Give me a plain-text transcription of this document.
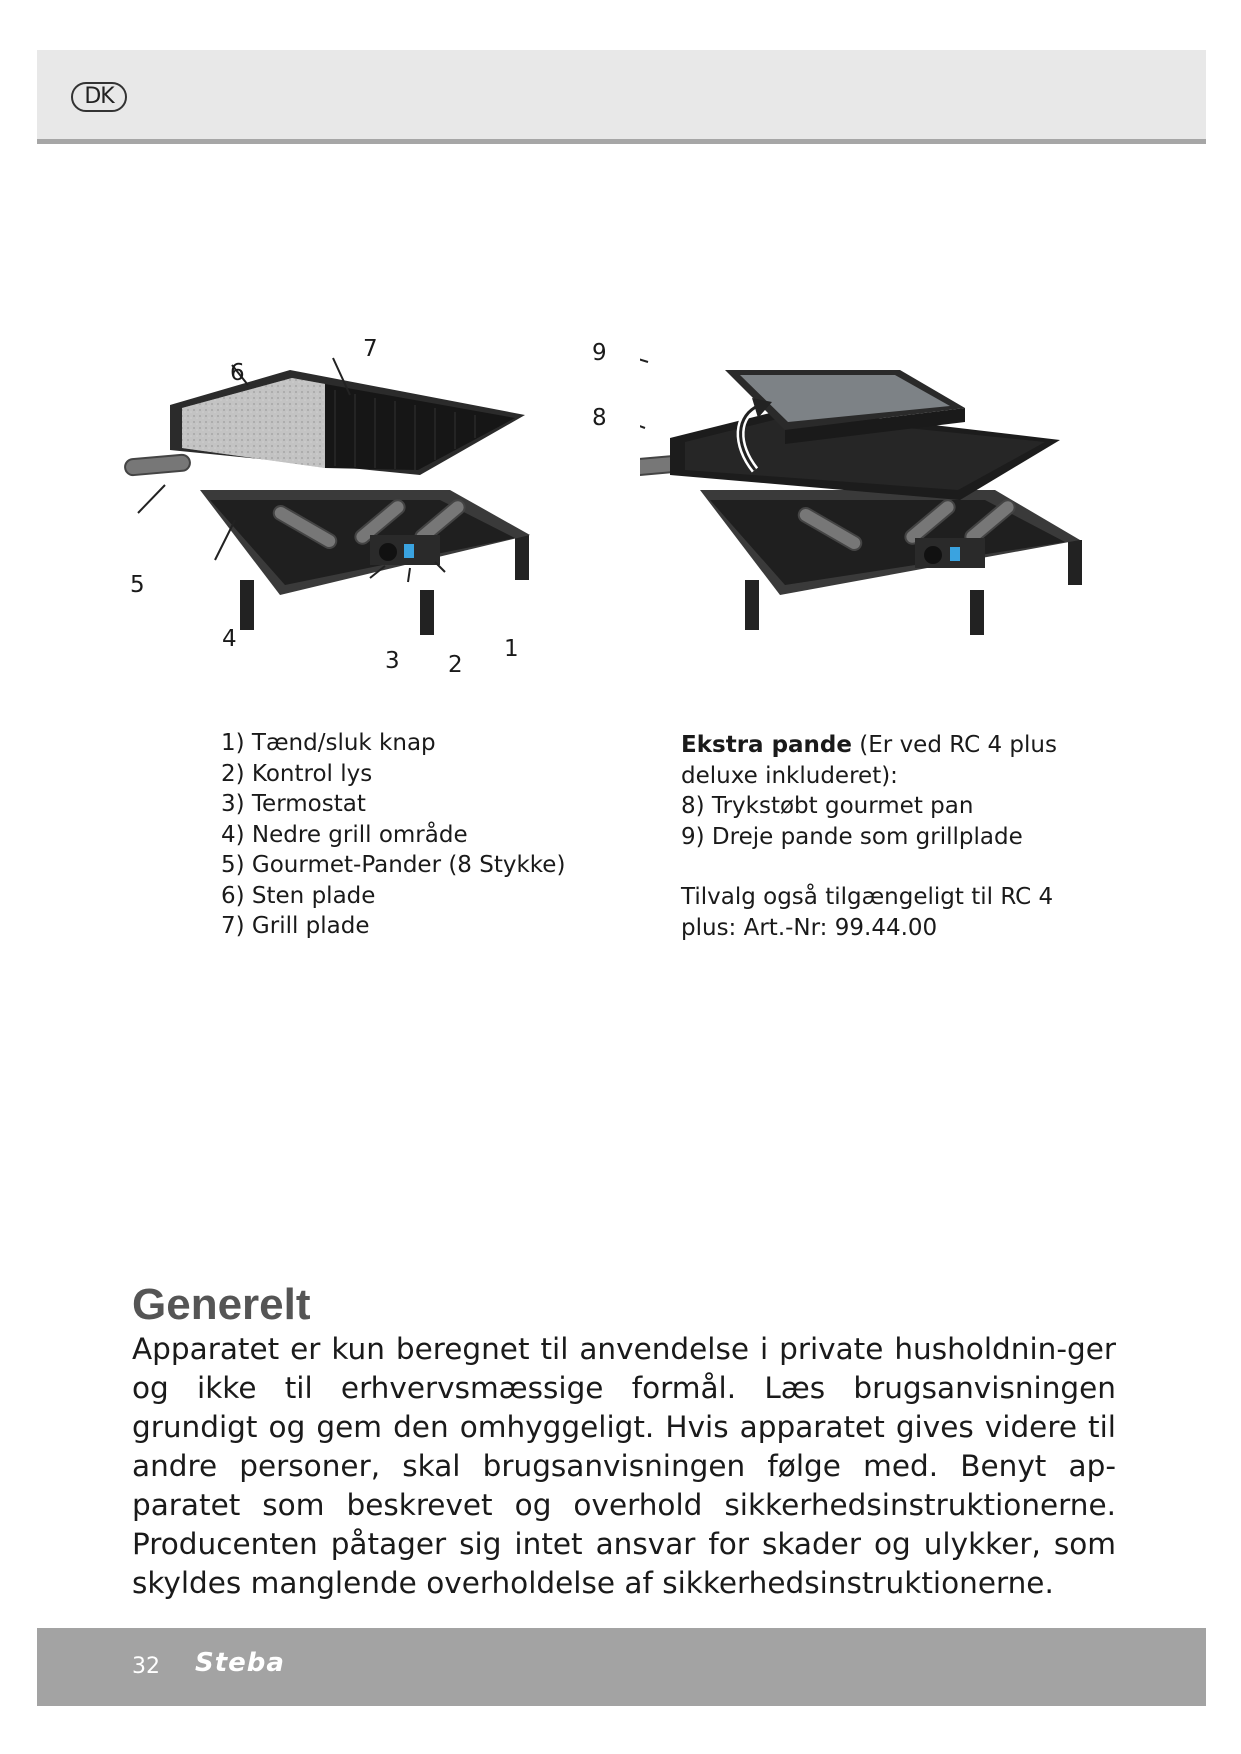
DK
6
7
5
4
3 2
1
9
8
1) Tænd/sluk knap
2) Kontrol lys
3) Termostat
4) Nedre grill område
5) Gourmet-Pander (8 Stykke)
6) Sten plade
7) Grill plade

Ekstra pande (Er ved RC 4 plus deluxe inkluderet):

8) Trykstøbt gourmet pan

9) Dreje pande som grillplade

Tilvalg også tilgængeligt til RC 4 plus: Art.-Nr: 99.44.00

Generelt

Apparatet er kun beregnet til anvendelse i private husholdnin-ger og ikke til erhvervsmæssige formål. Læs brugsanvisningen grundigt og gem den omhyggeligt. Hvis apparatet gives videre til andre personer, skal brugsanvisningen følge med. Benyt ap-paratet som beskrevet og overhold sikkerhedsinstruktionerne. Producenten påtager sig intet ansvar for skader og ulykker, som skyldes manglende overholdelse af sikkerhedsinstruktionerne.

32 Steba
